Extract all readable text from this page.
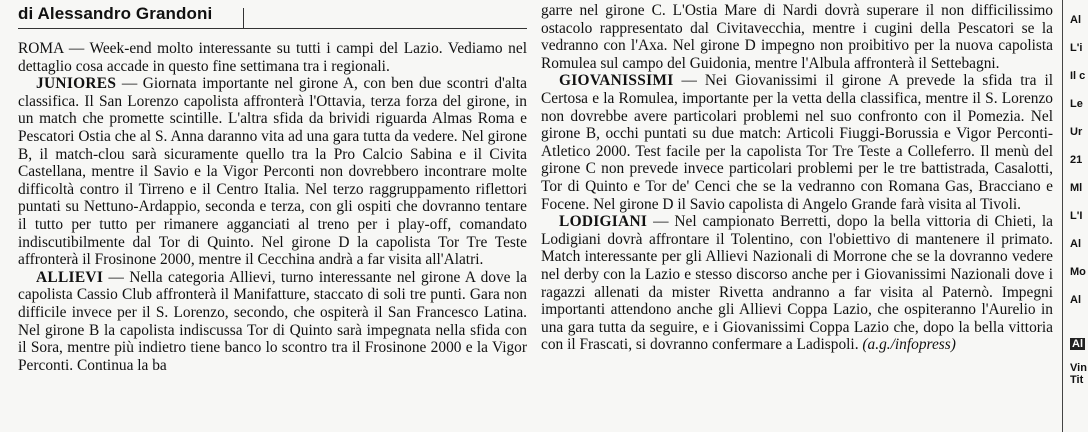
di Alessandro Grandoni

ROMA — Week-end molto interessante su tutti i campi del Lazio. Vediamo nel dettaglio cosa accade in questo fine settimana tra i regionali.

JUNIORES — Giornata importante nel girone A, con ben due scontri d'alta classifica. Il San Lorenzo capolista affronterà l'Ottavia, terza forza del girone, in un match che promette scintille. L'altra sfida da brividi riguarda Almas Roma e Pescatori Ostia che al S. Anna daranno vita ad una gara tutta da vedere. Nel girone B, il match-clou sarà sicuramente quello tra la Pro Calcio Sabina e il Civita Castellana, mentre il Savio e la Vigor Perconti non dovrebbero incontrare molte difficoltà contro il Tirreno e il Centro Italia. Nel terzo raggruppamento riflettori puntati su Nettuno-Ardappio, seconda e terza, con gli ospiti che dovranno tentare il tutto per tutto per rimanere agganciati al treno per i play-off, comandato indiscutibilmente dal Tor di Quinto. Nel girone D la capolista Tor Tre Teste affronterà il Frosinone 2000, mentre il Cecchina andrà a far visita all'Alatri.

ALLIEVI — Nella categoria Allievi, turno interessante nel girone A dove la capolista Cassio Club affronterà il Manifatture, staccato di soli tre punti. Gara non difficile invece per il S. Lorenzo, secondo, che ospiterà il San Francesco Latina. Nel girone B la capolista indiscussa Tor di Quinto sarà impegnata nella sfida con il Sora, mentre più indietro tiene banco lo scontro tra il Frosinone 2000 e la Vigor Perconti. Continua la ba

garre nel girone C. L'Ostia Mare di Nardi dovrà superare il non difficilissimo ostacolo rappresentato dal Civitavecchia, mentre i cugini della Pescatori se la vedranno con l'Axa. Nel girone D impegno non proibitivo per la nuova capolista Romulea sul campo del Guidonia, mentre l'Albula affronterà il Settebagni.

GIOVANISSIMI — Nei Giovanissimi il girone A prevede la sfida tra il Certosa e la Romulea, importante per la vetta della classifica, mentre il S. Lorenzo non dovrebbe avere particolari problemi nel suo confronto con il Pomezia. Nel girone B, occhi puntati su due match: Articoli Fiuggi-Borussia e Vigor Perconti-Atletico 2000. Test facile per la capolista Tor Tre Teste a Colleferro. Il menù del girone C non prevede invece particolari problemi per le tre battistrada, Casalotti, Tor di Quinto e Tor de' Cenci che se la vedranno con Romana Gas, Bracciano e Focene. Nel girone D il Savio capolista di Angelo Grande farà visita al Tivoli.

LODIGIANI — Nel campionato Berretti, dopo la bella vittoria di Chieti, la Lodigiani dovrà affrontare il Tolentino, con l'obiettivo di mantenere il primato. Match interessante per gli Allievi Nazionali di Morrone che se la dovranno vedere nel derby con la Lazio e stesso discorso anche per i Giovanissimi Nazionali dove i ragazzi allenati da mister Rivetta andranno a far visita al Paternò. Impegni importanti attendono anche gli Allievi Coppa Lazio, che ospiteranno l'Aurelio in una gara tutta da seguire, e i Giovanissimi Coppa Lazio che, dopo la bella vittoria con il Frascati, si dovranno confermare a Ladispoli. (a.g./infopress)

Al
L'i
Il c
Le
Ur
21
Ml
L'I
Al
Mo
Al
Al
Vin
Tit
